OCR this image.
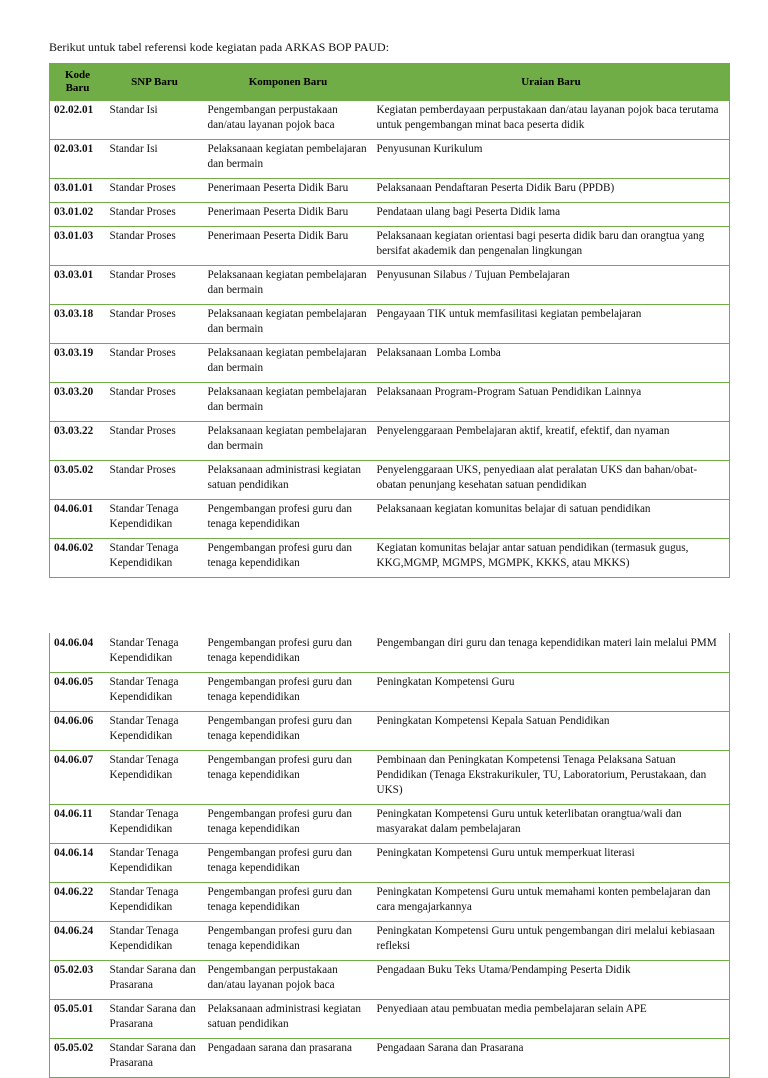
Berikut untuk tabel referensi kode kegiatan pada ARKAS BOP PAUD:
Kode Baru	SNP Baru	Komponen Baru	Uraian Baru
02.02.01	Standar Isi	Pengembangan perpustakaan dan/atau layanan pojok baca	Kegiatan pemberdayaan perpustakaan dan/atau layanan pojok baca terutama untuk pengembangan minat baca peserta didik
02.03.01	Standar Isi	Pelaksanaan kegiatan pembelajaran dan bermain	Penyusunan Kurikulum
03.01.01	Standar Proses	Penerimaan Peserta Didik Baru	Pelaksanaan Pendaftaran Peserta Didik Baru (PPDB)
03.01.02	Standar Proses	Penerimaan Peserta Didik Baru	Pendataan ulang bagi Peserta Didik lama
03.01.03	Standar Proses	Penerimaan Peserta Didik Baru	Pelaksanaan kegiatan orientasi bagi peserta didik baru dan orangtua yang bersifat akademik dan pengenalan lingkungan
03.03.01	Standar Proses	Pelaksanaan kegiatan pembelajaran dan bermain	Penyusunan Silabus / Tujuan Pembelajaran
03.03.18	Standar Proses	Pelaksanaan kegiatan pembelajaran dan bermain	Pengayaan TIK untuk memfasilitasi kegiatan pembelajaran
03.03.19	Standar Proses	Pelaksanaan kegiatan pembelajaran dan bermain	Pelaksanaan Lomba Lomba
03.03.20	Standar Proses	Pelaksanaan kegiatan pembelajaran dan bermain	Pelaksanaan Program-Program Satuan Pendidikan Lainnya
03.03.22	Standar Proses	Pelaksanaan kegiatan pembelajaran dan bermain	Penyelenggaraan Pembelajaran aktif, kreatif, efektif, dan nyaman
03.05.02	Standar Proses	Pelaksanaan administrasi kegiatan satuan pendidikan	Penyelenggaraan UKS, penyediaan alat peralatan UKS dan bahan/obat-obatan penunjang kesehatan satuan pendidikan
04.06.01	Standar Tenaga Kependidikan	Pengembangan profesi guru dan tenaga kependidikan	Pelaksanaan kegiatan komunitas belajar di satuan pendidikan
04.06.02	Standar Tenaga Kependidikan	Pengembangan profesi guru dan tenaga kependidikan	Kegiatan komunitas belajar antar satuan pendidikan (termasuk gugus, KKG,MGMP, MGMPS, MGMPK, KKKS, atau MKKS)
04.06.04	Standar Tenaga Kependidikan	Pengembangan profesi guru dan tenaga kependidikan	Pengembangan diri guru dan tenaga kependidikan materi lain melalui PMM
04.06.05	Standar Tenaga Kependidikan	Pengembangan profesi guru dan tenaga kependidikan	Peningkatan Kompetensi Guru
04.06.06	Standar Tenaga Kependidikan	Pengembangan profesi guru dan tenaga kependidikan	Peningkatan Kompetensi Kepala Satuan Pendidikan
04.06.07	Standar Tenaga Kependidikan	Pengembangan profesi guru dan tenaga kependidikan	Pembinaan dan Peningkatan Kompetensi Tenaga Pelaksana Satuan Pendidikan (Tenaga Ekstrakurikuler, TU, Laboratorium, Perustakaan, dan UKS)
04.06.11	Standar Tenaga Kependidikan	Pengembangan profesi guru dan tenaga kependidikan	Peningkatan Kompetensi Guru untuk keterlibatan orangtua/wali dan masyarakat dalam pembelajaran
04.06.14	Standar Tenaga Kependidikan	Pengembangan profesi guru dan tenaga kependidikan	Peningkatan Kompetensi Guru untuk memperkuat literasi
04.06.22	Standar Tenaga Kependidikan	Pengembangan profesi guru dan tenaga kependidikan	Peningkatan Kompetensi Guru untuk memahami konten pembelajaran dan cara mengajarkannya
04.06.24	Standar Tenaga Kependidikan	Pengembangan profesi guru dan tenaga kependidikan	Peningkatan Kompetensi Guru untuk pengembangan diri melalui kebiasaan refleksi
05.02.03	Standar Sarana dan Prasarana	Pengembangan perpustakaan dan/atau layanan pojok baca	Pengadaan Buku Teks Utama/Pendamping Peserta Didik
05.05.01	Standar Sarana dan Prasarana	Pelaksanaan administrasi kegiatan satuan pendidikan	Penyediaan atau pembuatan media pembelajaran selain APE
05.05.02	Standar Sarana dan Prasarana	Pengadaan sarana dan prasarana	Pengadaan Sarana dan Prasarana
